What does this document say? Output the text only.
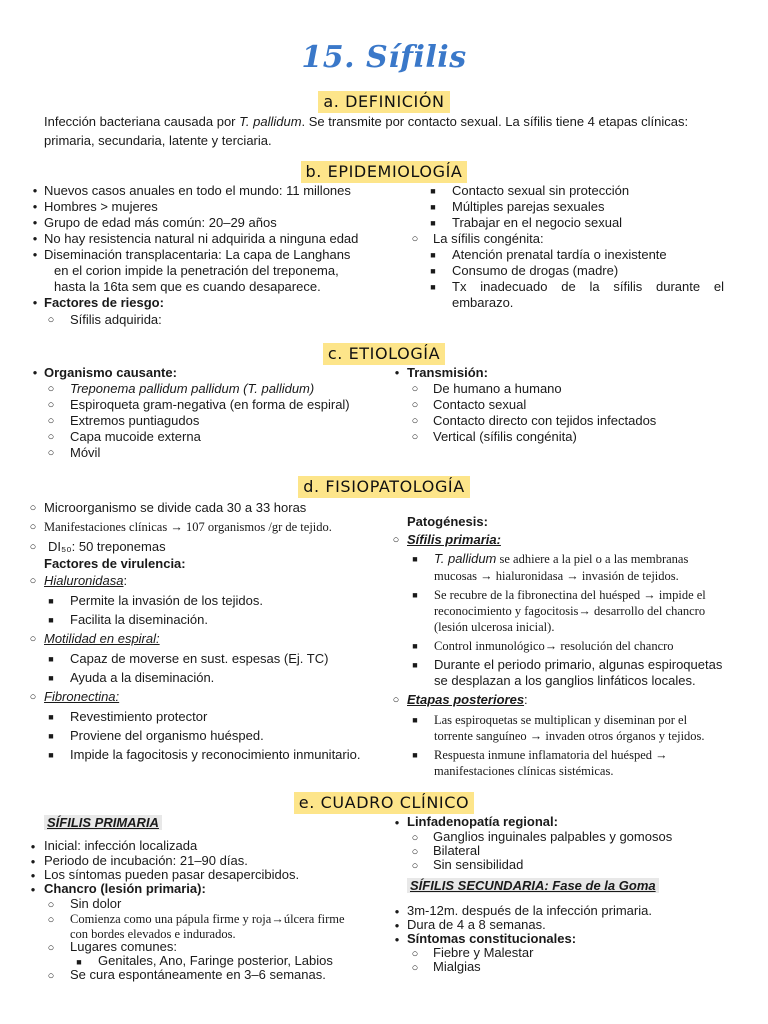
15. Sífilis
a. DEFINICIÓN
Infección bacteriana causada por T. pallidum. Se transmite por contacto sexual. La sífilis tiene 4 etapas clínicas:
primaria, secundaria, latente y terciaria.
b. EPIDEMIOLOGÍA
●
Nuevos casos anuales en todo el mundo: 11 millones
●
Hombres > mujeres
●
Grupo de edad más común: 20–29 años
●
No hay resistencia natural ni adquirida a ninguna edad
●
Diseminación transplacentaria: La capa de Langhans
en el corion impide la penetración del treponema,
hasta la 16ta sem que es cuando desaparece.
●
Factores de riesgo:
○
Sífilis adquirida:
■
Contacto sexual sin protección
■
Múltiples parejas sexuales
■
Trabajar en el negocio sexual
○
La sífilis congénita:
■
Atención prenatal tardía o inexistente
■
Consumo de drogas (madre)
■
Tx inadecuado de la sífilis durante el
embarazo.
c. ETIOLOGÍA
●
Organismo causante:
○
Treponema pallidum pallidum (T. pallidum)
○
Espiroqueta gram-negativa (en forma de espiral)
○
Extremos puntiagudos
○
Capa mucoide externa
○
Móvil
●
Transmisión:
○
De humano a humano
○
Contacto sexual
○
Contacto directo con tejidos infectados
○
Vertical (sífilis congénita)
d. FISIOPATOLOGÍA
○
Microorganismo se divide cada 30 a 33 horas
○
Manifestaciones clínicas → 107 organismos /gr de tejido.
○
DI₅₀: 50 treponemas
Factores de virulencia:
○
Hialuronidasa:
■
Permite la invasión de los tejidos.
■
Facilita la diseminación.
○
Motilidad en espiral:
■
Capaz de moverse en sust. espesas (Ej. TC)
■
Ayuda a la diseminación.
○
Fibronectina:
■
Revestimiento protector
■
Proviene del organismo huésped.
■
Impide la fagocitosis y reconocimiento inmunitario.
Patogénesis:
○
Sífilis primaria:
■
T. pallidum se adhiere a la piel o a las membranas
mucosas → hialuronidasa → invasión de tejidos.
■
Se recubre de la fibronectina del huésped → impide el
reconocimiento y fagocitosis→ desarrollo del chancro
(lesión ulcerosa inicial).
■
Control inmunológico→ resolución del chancro
■
Durante el periodo primario, algunas espiroquetas
se desplazan a los ganglios linfáticos locales.
○
Etapas posteriores:
■
Las espiroquetas se multiplican y diseminan por el
torrente sanguíneo → invaden otros órganos y tejidos.
■
Respuesta inmune inflamatoria del huésped →
manifestaciones clínicas sistémicas.
e. CUADRO CLÍNICO
SÍFILIS PRIMARIA
●
Inicial: infección localizada
●
Periodo de incubación: 21–90 días.
●
Los síntomas pueden pasar desapercibidos.
●
Chancro (lesión primaria):
○
Sin dolor
○
Comienza como una pápula firme y roja→úlcera firme
con bordes elevados e indurados.
○
Lugares comunes:
■
Genitales, Ano, Faringe posterior, Labios
○
Se cura espontáneamente en 3–6 semanas.
●
Linfadenopatía regional:
○
Ganglios inguinales palpables y gomosos
○
Bilateral
○
Sin sensibilidad
SÍFILIS SECUNDARIA: Fase de la Goma
●
3m-12m. después de la infección primaria.
●
Dura de 4 a 8 semanas.
●
Síntomas constitucionales:
○
Fiebre y Malestar
○
Mialgias
